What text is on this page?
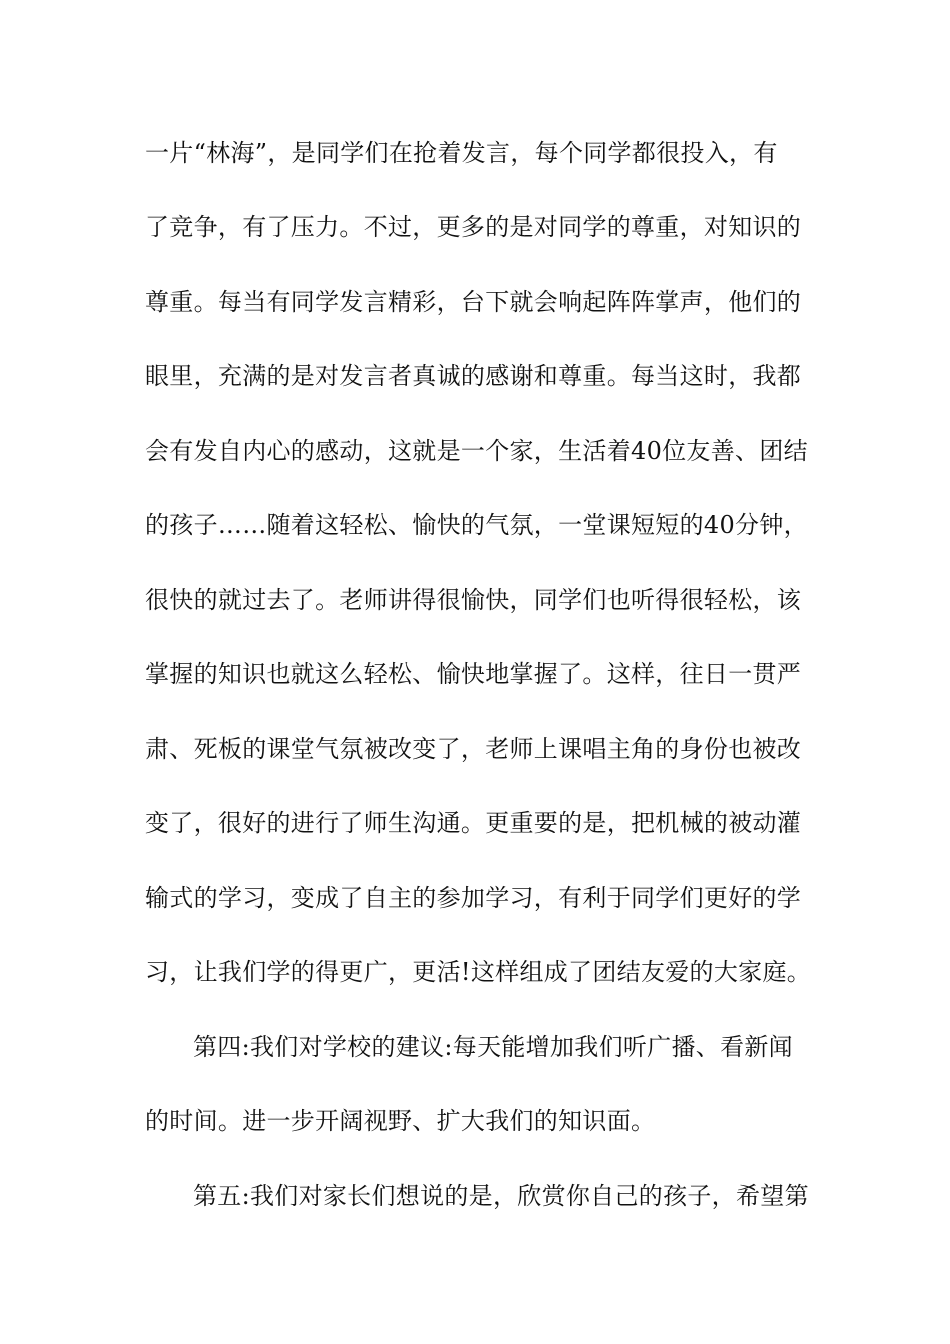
一片“林海”，是同学们在抢着发言，每个同学都很投入，有
了竞争，有了压力。不过，更多的是对同学的尊重，对知识的
尊重。每当有同学发言精彩，台下就会响起阵阵掌声，他们的
眼里，充满的是对发言者真诚的感谢和尊重。每当这时，我都
会有发自内心的感动，这就是一个家，生活着40位友善、团结
的孩子……随着这轻松、愉快的气氛，一堂课短短的40分钟，
很快的就过去了。老师讲得很愉快，同学们也听得很轻松，该
掌握的知识也就这么轻松、愉快地掌握了。这样，往日一贯严
肃、死板的课堂气氛被改变了，老师上课唱主角的身份也被改
变了，很好的进行了师生沟通。更重要的是，把机械的被动灌
输式的学习，变成了自主的参加学习，有利于同学们更好的学
习，让我们学的得更广，更活!这样组成了团结友爱的大家庭。
第四:我们对学校的建议:每天能增加我们听广播、看新闻
的时间。进一步开阔视野、扩大我们的知识面。
第五:我们对家长们想说的是，欣赏你自己的孩子，希望第
